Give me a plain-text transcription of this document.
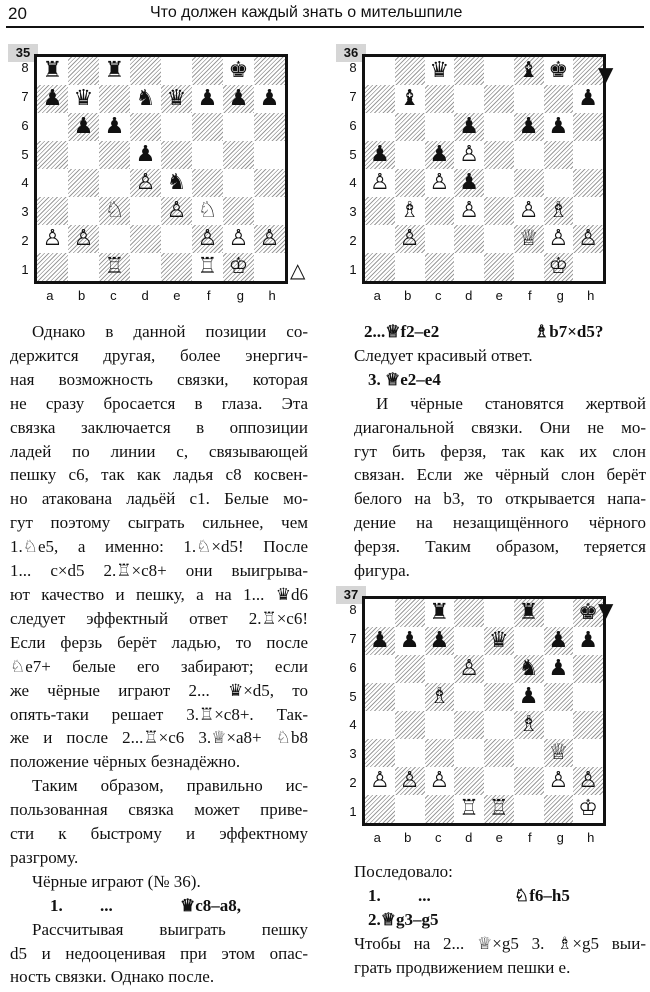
20	Что должен каждый знать о мительшпиле
35
♜ ♜	♚
♟ ♛ ♞ ♛ ♟ ♟ ♟
♟ ♟
♟
♙ ♞
♘ ♙ ♘
♙ ♙	♙ ♙ ♙
♖	♖ ♔
8
7
6
5
4
3
2
1
a	b	c	d	e	f	g	h
△
36
♛	♝ ♚
♝	♟
♟ ♟ ♟
♟ ♟ ♙
♙ ♙ ♟
♗ ♙ ♙ ♗
♙	♕ ♙ ♙
♔
8
7
6
5
4
3
2
1
a	b	c	d	e	f	g	h
▼
37
♜	♜ ♚
♟ ♟ ♟ ♛ ♟ ♟
♙ ♞ ♟
♗	♟
♗
♕
♙ ♙ ♙	♙ ♙
♖ ♖	♔
8
7
6
5
4
3
2
1
a	b	c	d	e	f	g	h
▼

Однако в данной позиции со-

держится другая, более энергич-

ная возможность связки, которая

не сразу бросается в глаза. Эта

связка заключается в оппозиции

ладей по линии с, связывающей

пешку с6, так как ладья с8 косвен-

но атакована ладьёй с1. Белые мо-

гут поэтому сыграть сильнее, чем

1.♘e5, а именно: 1.♘×d5! После

1... c×d5 2.♖×c8+ они выигрыва-

ют качество и пешку, а на 1... ♛d6

следует эффектный ответ 2.♖×c6!

Если ферзь берёт ладью, то после

♘e7+ белые его забирают; если

же чёрные играют 2... ♛×d5, то

опять-таки решает 3.♖×c8+. Так-

же и после 2...♖×c6 3.♕×a8+ ♘b8

положение чёрных безнадёжно.

Таким образом, правильно ис-

пользованная связка может приве-

сти к быстрому и эффектному

разгрому.

Чёрные играют (№ 36).

1.	...	♛c8–a8,

Рассчитывая выиграть пешку

d5 и недооценивая при этом опас-

ность связки. Однако после.

2...♕f2–e2	♗b7×d5?

Следует красивый ответ.

3. ♕e2–e4

И чёрные становятся жертвой

диагональной связки. Они не мо-

гут бить ферзя, так как их слон

связан. Если же чёрный слон берёт

белого на b3, то открывается напа-

дение на незащищённого чёрного

ферзя. Таким образом, теряется

фигура.

Последовало:

1.	...	♘f6–h5

2.♕g3–g5

Чтобы на 2... ♕×g5 3. ♗×g5 выи-

грать продвижением пешки е.
